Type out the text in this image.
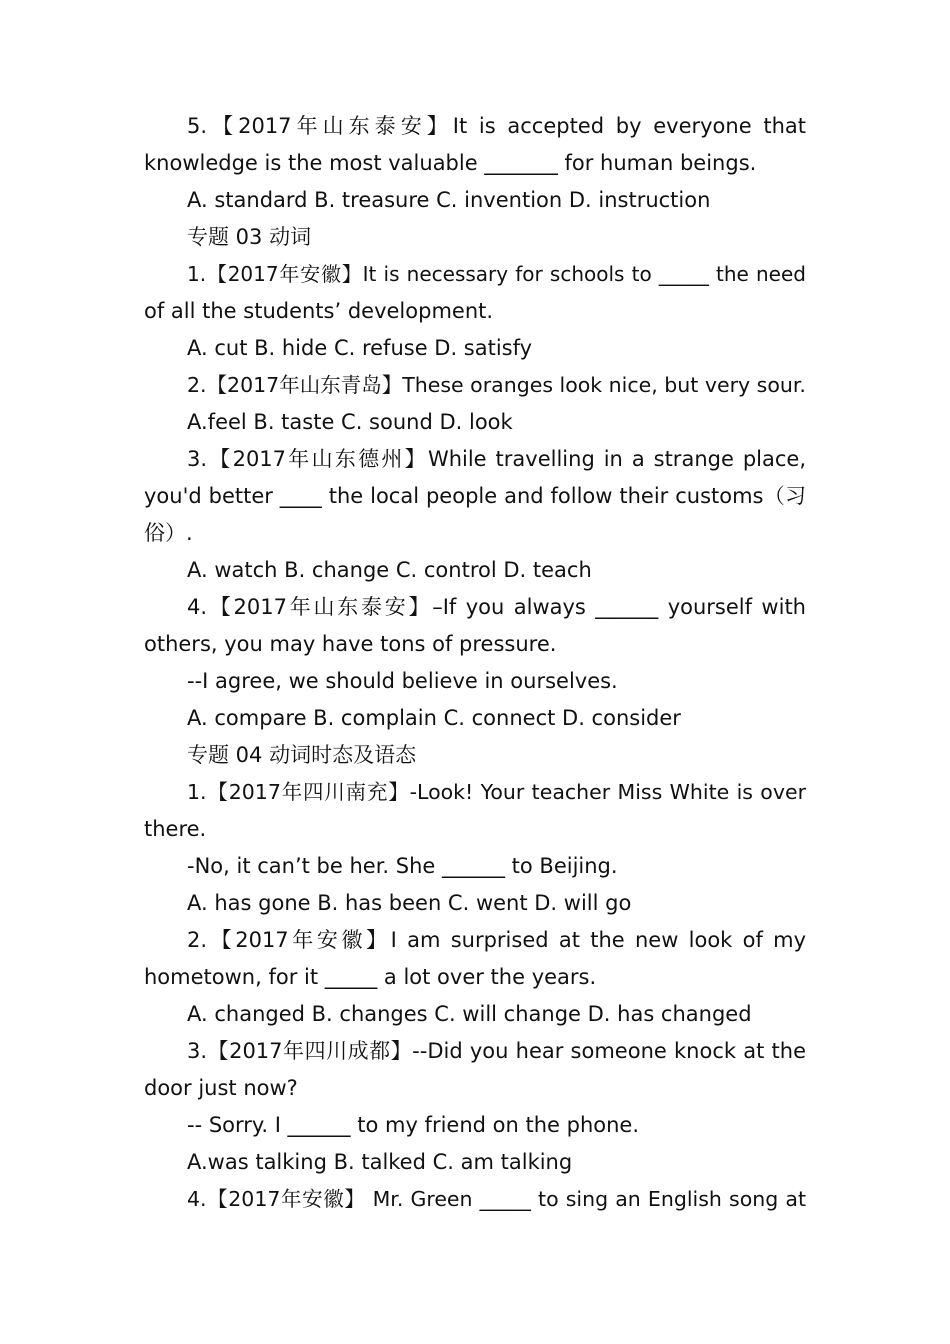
5.【2017年山东泰安】It is accepted by everyone that
knowledge is the most valuable _______ for human beings.
A. standard B. treasure C. invention D. instruction
专题 03 动词
1.【2017年安徽】It is necessary for schools to _____ the need
of all the students’ development.
A. cut B. hide C. refuse D. satisfy
2.【2017年山东青岛】These oranges look nice, but very sour.
A.feel B. taste C. sound D. look
3.【2017年山东德州】While travelling in a strange place,
you'd better ____ the local people and follow their customs（习
俗）.
A. watch B. change C. control D. teach
4.【2017年山东泰安】–If you always ______ yourself with
others, you may have tons of pressure.
--I agree, we should believe in ourselves.
A. compare B. complain C. connect D. consider
专题 04 动词时态及语态
1.【2017年四川南充】-Look! Your teacher Miss White is over
there.
-No, it can’t be her. She ______ to Beijing.
A. has gone B. has been C. went D. will go
2.【2017年安徽】I am surprised at the new look of my
hometown, for it _____ a lot over the years.
A. changed B. changes C. will change D. has changed
3.【2017年四川成都】--Did you hear someone knock at the
door just now?
-- Sorry. I ______ to my friend on the phone.
A.was talking B. talked C. am talking
4.【2017年安徽】 Mr. Green _____ to sing an English song at
